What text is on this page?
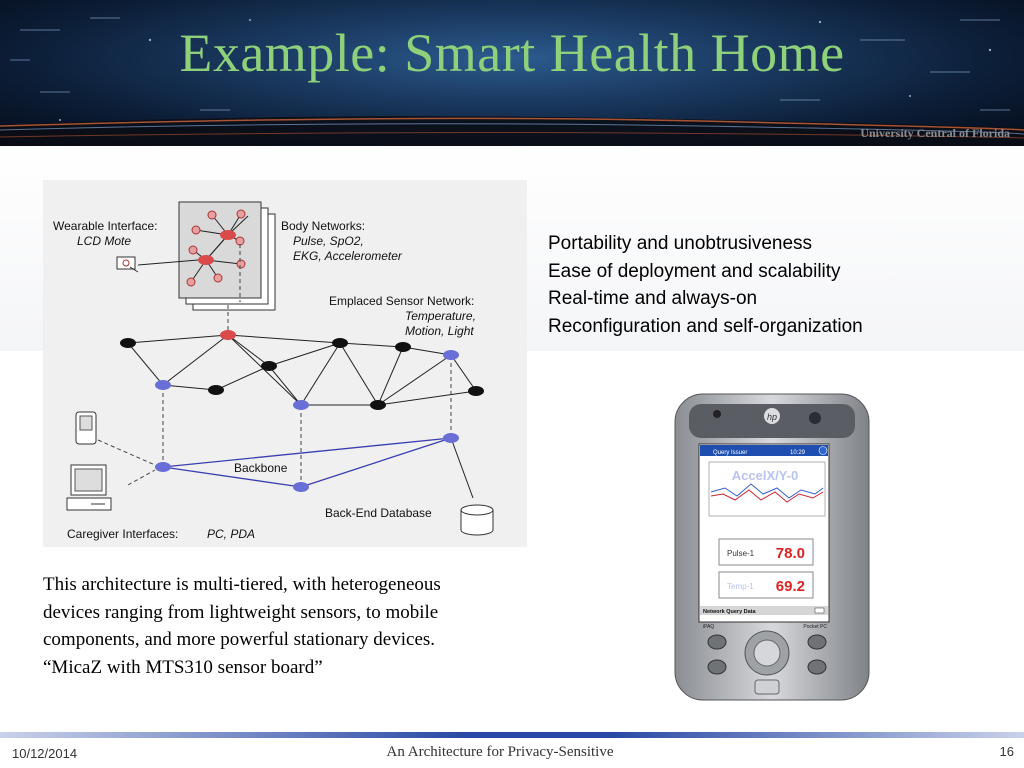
Example: Smart Health Home
University Central of Florida
Wearable Interface:
LCD Mote
Body Networks:
Pulse, SpO2,
EKG, Accelerometer
Emplaced Sensor Network:
Temperature,
Motion, Light
Backbone
Back-End Database
Caregiver Interfaces: PC, PDA
Portability and unobtrusiveness
Ease of deployment and scalability
Real-time and always-on
Reconfiguration and self-organization
hp
Query Issuer	10:29
AccelX/Y-0
Pulse-1 78.0
Temp-1 69.2
Network Query Data
iPAQ	Pocket PC
This architecture is multi-tiered, with heterogeneous
devices ranging from lightweight sensors, to mobile
components, and more powerful stationary devices.
“MicaZ with MTS310 sensor board”
10/12/2014	An Architecture for Privacy-Sensitive	16
